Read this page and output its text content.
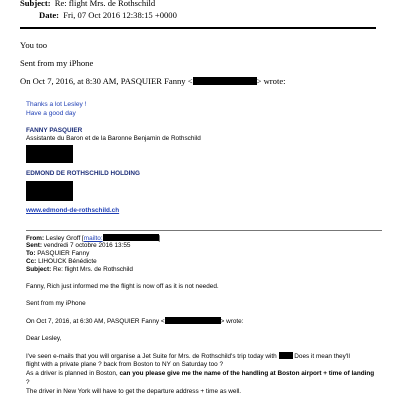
Subject: Re: flight Mrs. de Rothschild
Date: Fri, 07 Oct 2016 12:38:15 +0000
You too
Sent from my iPhone
On Oct 7, 2016, at 8:30 AM, PASQUIER Fanny <	> wrote:
Thanks a lot Lesley !
Have a good day
FANNY PASQUIER
Assistante du Baron et de la Baronne Benjamin de Rothschild
EDMOND DE ROTHSCHILD HOLDING
www.edmond-de-rothschild.ch
From: Lesley Groff [mailto:	]
Sent: vendredi 7 octobre 2016 13:55
To: PASQUIER Fanny
Cc: LIHOUCK Bénédicte
Subject: Re: flight Mrs. de Rothschild
Fanny, Rich just informed me the flight is now off as it is not needed.
Sent from my iPhone
On Oct 7, 2016, at 6:30 AM, PASQUIER Fanny <	> wrote:
Dear Lesley,
I've seen e-mails that you will organise a Jet Suite for Mrs. de Rothschild's trip today with	Does it mean they'll
flight with a private plane ? back from Boston to NY on Saturday too ?
As a driver is planned in Boston, can you please give me the name of the handling at Boston airport + time of landing
?
The driver in New York will have to get the departure address + time as well.
